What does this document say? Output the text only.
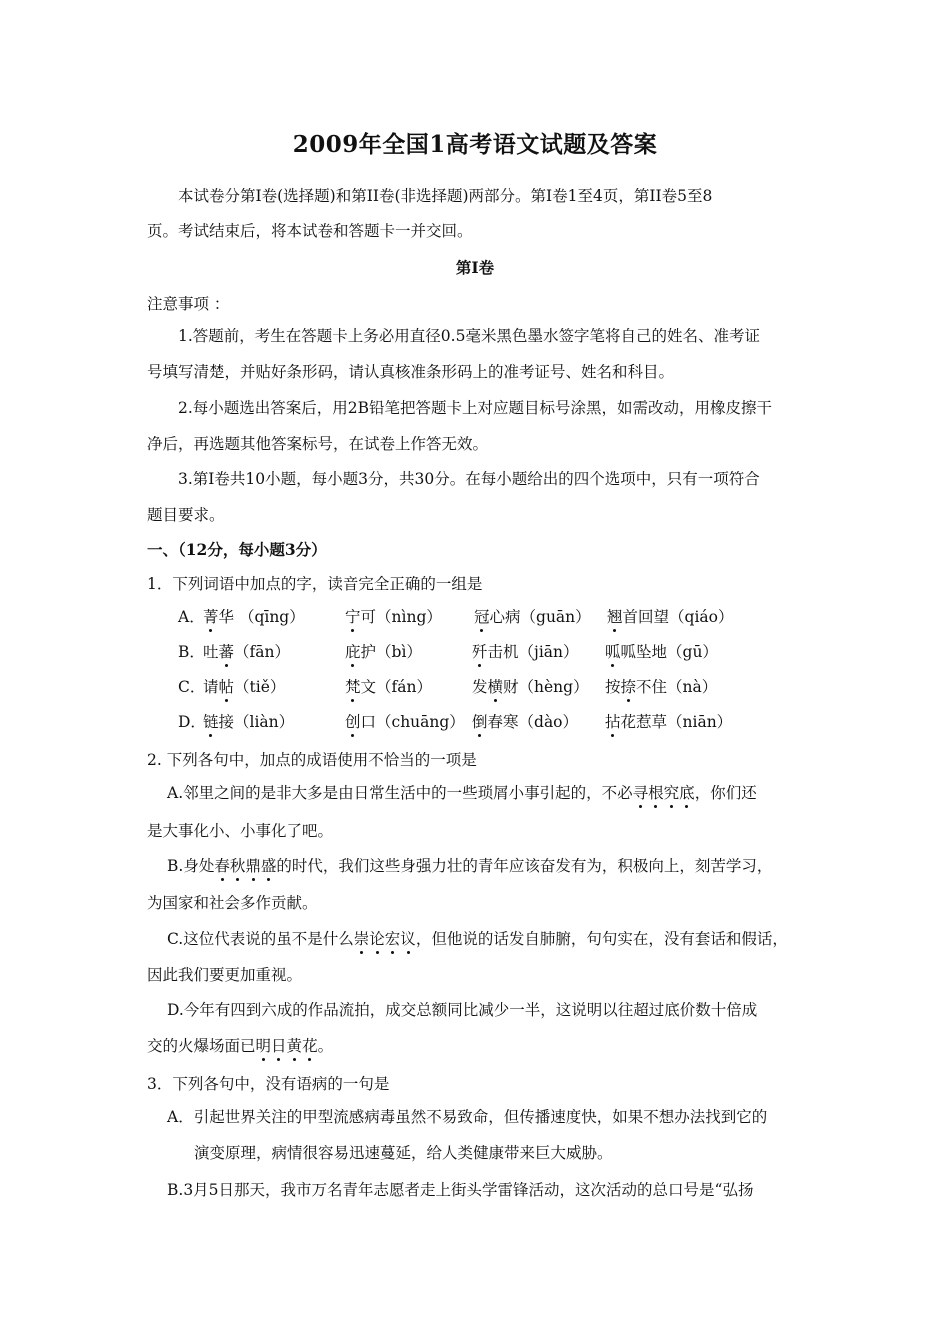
2009年全国1高考语文试题及答案
本试卷分第Ⅰ卷(选择题)和第II卷(非选择题)两部分。第Ⅰ卷1至4页，第II卷5至8
页。考试结束后，将本试卷和答题卡一并交回。
第Ⅰ卷
注意事项 ：
1.答题前，考生在答题卡上务必用直径0.5毫米黑色墨水签字笔将自己的姓名、准考证
号填写清楚，并贴好条形码，请认真核准条形码上的准考证号、姓名和科目。
2.每小题选出答案后，用2B铅笔把答题卡上对应题目标号涂黑，如需改动，用橡皮擦干
净后，再选题其他答案标号，在试卷上作答无效。
3.第Ⅰ卷共10小题，每小题3分，共30分。在每小题给出的四个选项中，只有一项符合
题目要求。
一、（12分，每小题3分）
1．下列词语中加点的字，读音完全正确的一组是
A．
菁华 （qīng）	宁可（nìng） 冠心病（guān） 翘首回望（qiáo）
B．
吐蕃（fān）	庇护（bì）	歼击机（jiān） 呱呱坠地（gū）
C．
请帖（tiě）	梵文（fán）	发横财（hèng） 按捺不住（nà）
D．
链接（liàn）	创口（chuāng） 倒春寒（dào） 拈花惹草（niān）
2. 下列各句中，加点的成语使用不恰当的一项是
A.邻里之间的是非大多是由日常生活中的一些琐屑小事引起的，不必寻根究底，你们还
是大事化小、小事化了吧。
B.身处春秋鼎盛的时代，我们这些身强力壮的青年应该奋发有为，积极向上，刻苦学习，
为国家和社会多作贡献。
C.这位代表说的虽不是什么崇论宏议，但他说的话发自肺腑，句句实在，没有套话和假话，
因此我们要更加重视。
D.今年有四到六成的作品流拍，成交总额同比减少一半，这说明以往超过底价数十倍成
交的火爆场面已明日黄花。
3．下列各句中，没有语病的一句是
A．引起世界关注的甲型流感病毒虽然不易致命，但传播速度快，如果不想办法找到它的
演变原理，病情很容易迅速蔓延，给人类健康带来巨大威胁。
B.3月5日那天，我市万名青年志愿者走上街头学雷锋活动，这次活动的总口号是“弘扬
